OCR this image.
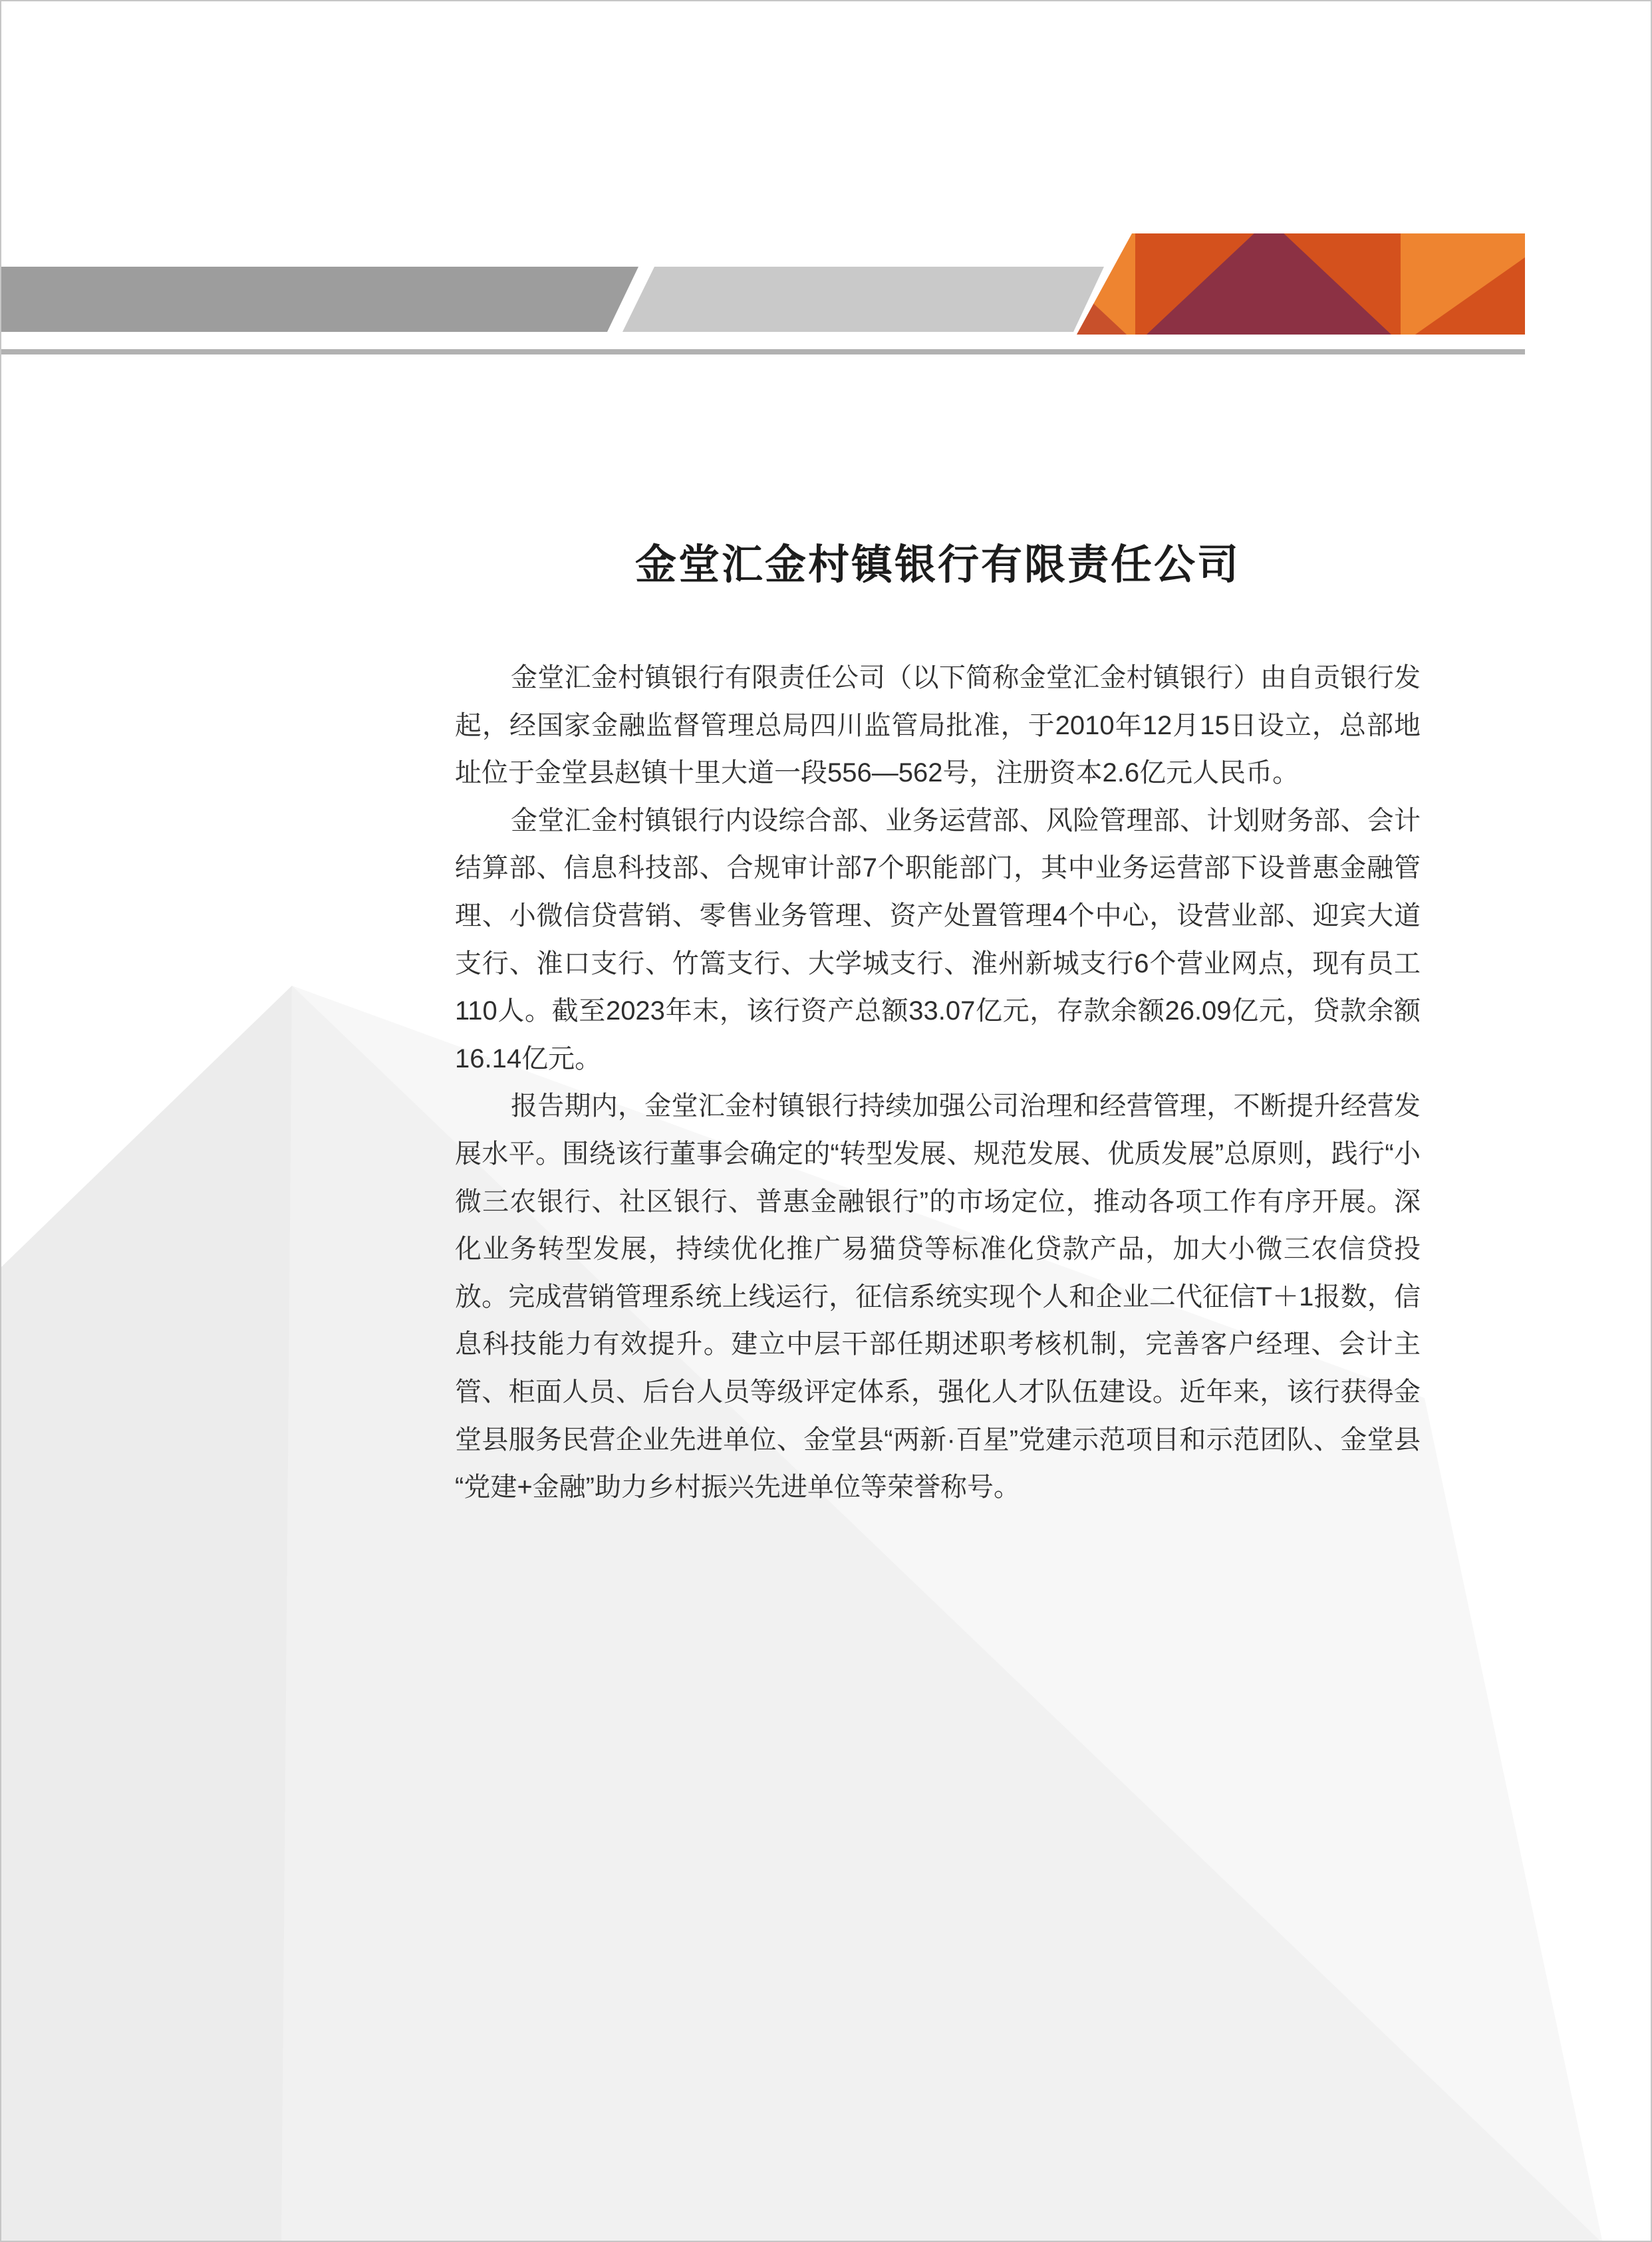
金堂汇金村镇银行有限责任公司
金堂汇金村镇银行有限责任公司（以下简称金堂汇金村镇银行）由自贡银行发
起，经国家金融监督管理总局四川监管局批准，于2010年12月15日设立，总部地
址位于金堂县赵镇十里大道一段556—562号，注册资本2.6亿元人民币。
金堂汇金村镇银行内设综合部、业务运营部、风险管理部、计划财务部、会计
结算部、信息科技部、合规审计部7个职能部门，其中业务运营部下设普惠金融管
理、小微信贷营销、零售业务管理、资产处置管理4个中心，设营业部、迎宾大道
支行、淮口支行、竹篙支行、大学城支行、淮州新城支行6个营业网点，现有员工
110人。截至2023年末，该行资产总额33.07亿元，存款余额26.09亿元，贷款余额
16.14亿元。
报告期内，金堂汇金村镇银行持续加强公司治理和经营管理，不断提升经营发
展水平。围绕该行董事会确定的“转型发展、规范发展、优质发展”总原则，践行“小
微三农银行、社区银行、普惠金融银行”的市场定位，推动各项工作有序开展。深
化业务转型发展，持续优化推广易猫贷等标准化贷款产品，加大小微三农信贷投
放。完成营销管理系统上线运行，征信系统实现个人和企业二代征信T＋1报数，信
息科技能力有效提升。建立中层干部任期述职考核机制，完善客户经理、会计主
管、柜面人员、后台人员等级评定体系，强化人才队伍建设。近年来，该行获得金
堂县服务民营企业先进单位、金堂县“两新·百星”党建示范项目和示范团队、金堂县
“党建+金融”助力乡村振兴先进单位等荣誉称号。
